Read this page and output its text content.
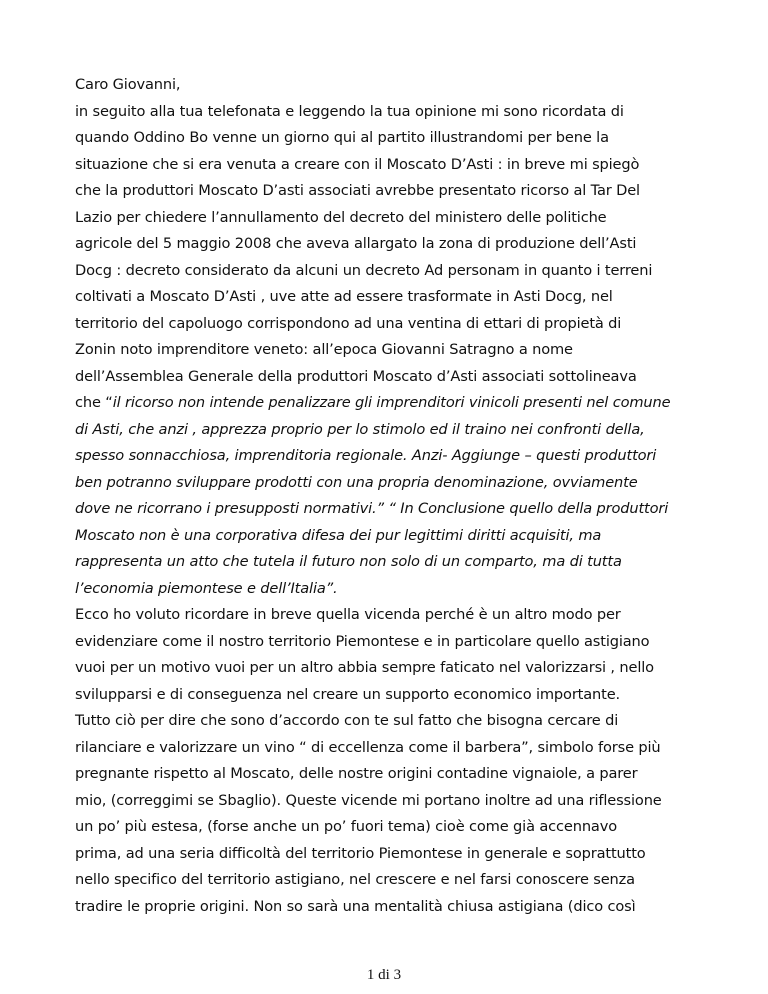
Caro Giovanni,
in seguito alla tua telefonata e leggendo la tua opinione mi sono ricordata di
quando Oddino Bo venne un giorno qui al partito illustrandomi per bene la
situazione che si era venuta a creare con il Moscato D’Asti : in breve mi spiegò
che la produttori Moscato D’asti associati avrebbe presentato ricorso al Tar Del
Lazio per chiedere l’annullamento del decreto del ministero delle politiche
agricole del 5 maggio 2008 che aveva allargato la zona di produzione dell’Asti
Docg : decreto considerato da alcuni un decreto Ad personam in quanto i terreni
coltivati a Moscato D’Asti , uve atte ad essere trasformate in Asti Docg, nel
territorio del capoluogo corrispondono ad una ventina di ettari di propietà di
Zonin noto imprenditore veneto: all’epoca Giovanni Satragno a nome
dell’Assemblea Generale della produttori Moscato d’Asti associati sottolineava
che “il ricorso non intende penalizzare gli imprenditori vinicoli presenti nel comune
di Asti, che anzi , apprezza proprio per lo stimolo ed il traino nei confronti della,
spesso sonnacchiosa, imprenditoria regionale. Anzi- Aggiunge – questi produttori
ben potranno sviluppare prodotti con una propria denominazione, ovviamente
dove ne ricorrano i presupposti normativi.” “ In Conclusione quello della produttori
Moscato non è una corporativa difesa dei pur legittimi diritti acquisiti, ma
rappresenta un atto che tutela il futuro non solo di un comparto, ma di tutta
l’economia piemontese e dell’Italia”.
Ecco ho voluto ricordare in breve quella vicenda perché è un altro modo per
evidenziare come il nostro territorio Piemontese e in particolare quello astigiano
vuoi per un motivo vuoi per un altro abbia sempre faticato nel valorizzarsi , nello
svilupparsi e di conseguenza nel creare un supporto economico importante.
Tutto ciò per dire che sono d’accordo con te sul fatto che bisogna cercare di
rilanciare e valorizzare un vino “ di eccellenza come il barbera”, simbolo forse più
pregnante rispetto al Moscato, delle nostre origini contadine vignaiole, a parer
mio, (correggimi se Sbaglio). Queste vicende mi portano inoltre ad una riflessione
un po’ più estesa, (forse anche un po’ fuori tema) cioè come già accennavo
prima, ad una seria difficoltà del territorio Piemontese in generale e soprattutto
nello specifico del territorio astigiano, nel crescere e nel farsi conoscere senza
tradire le proprie origini. Non so sarà una mentalità chiusa astigiana (dico così
1 di 3
